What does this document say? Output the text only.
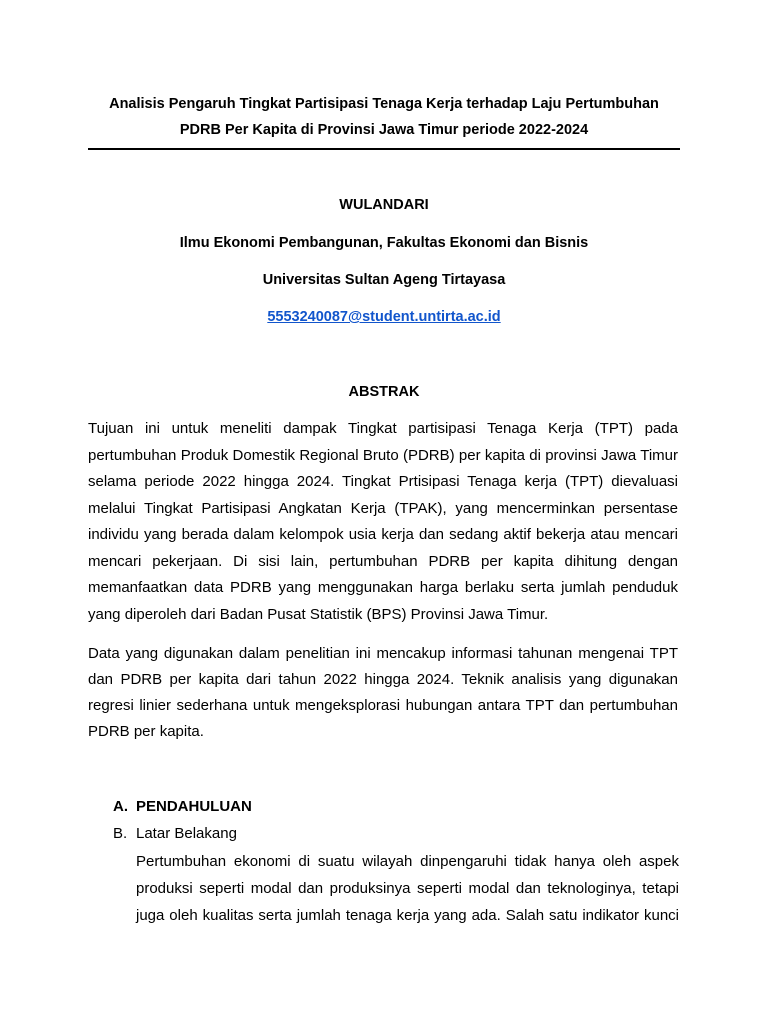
Analisis Pengaruh Tingkat Partisipasi Tenaga Kerja terhadap Laju Pertumbuhan
PDRB Per Kapita di Provinsi Jawa Timur periode 2022-2024
WULANDARI
Ilmu Ekonomi Pembangunan, Fakultas Ekonomi dan Bisnis
Universitas Sultan Ageng Tirtayasa
5553240087@student.untirta.ac.id
ABSTRAK
Tujuan ini untuk meneliti dampak Tingkat partisipasi Tenaga Kerja (TPT) pada
pertumbuhan Produk Domestik Regional Bruto (PDRB) per kapita di provinsi Jawa Timur
selama periode 2022 hingga 2024. Tingkat Prtisipasi Tenaga kerja (TPT) dievaluasi
melalui Tingkat Partisipasi Angkatan Kerja (TPAK), yang mencerminkan persentase
individu yang berada dalam kelompok usia kerja dan sedang aktif bekerja atau mencari
mencari pekerjaan. Di sisi lain, pertumbuhan PDRB per kapita dihitung dengan
memanfaatkan data PDRB yang menggunakan harga berlaku serta jumlah penduduk
yang diperoleh dari Badan Pusat Statistik (BPS) Provinsi Jawa Timur.
Data yang digunakan dalam penelitian ini mencakup informasi tahunan mengenai TPT
dan PDRB per kapita dari tahun 2022 hingga 2024. Teknik analisis yang digunakan
regresi linier sederhana untuk mengeksplorasi hubungan antara TPT dan pertumbuhan
PDRB per kapita.
A. PENDAHULUAN
B. Latar Belakang
Pertumbuhan ekonomi di suatu wilayah dinpengaruhi tidak hanya oleh aspek
produksi seperti modal dan produksinya seperti modal dan teknologinya, tetapi
juga oleh kualitas serta jumlah tenaga kerja yang ada. Salah satu indikator kunci
